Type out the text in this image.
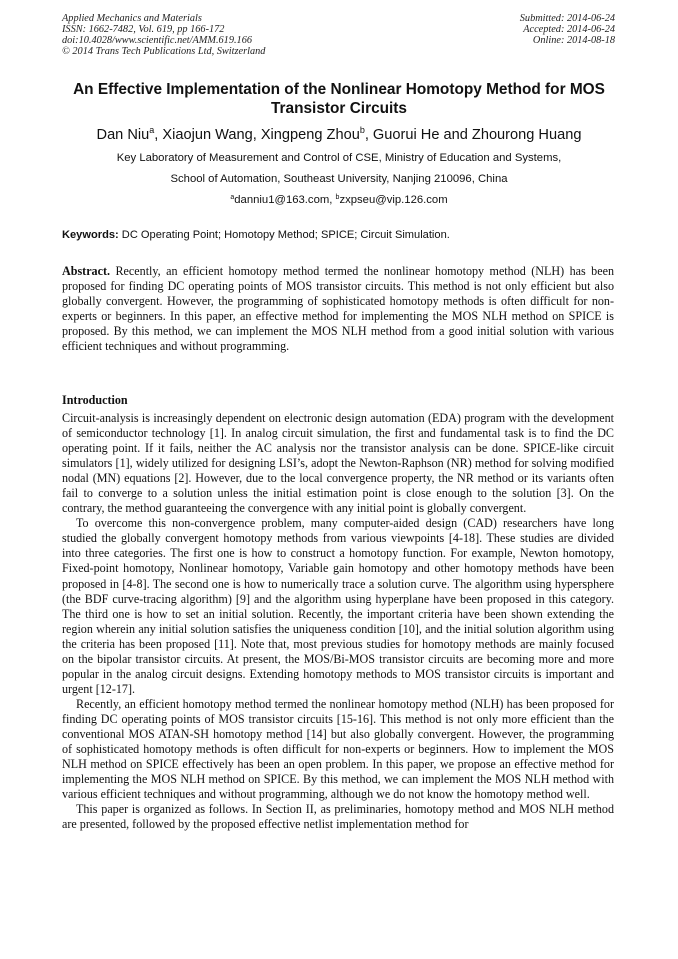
Applied Mechanics and Materials
ISSN: 1662-7482, Vol. 619, pp 166-172
doi:10.4028/www.scientific.net/AMM.619.166
© 2014 Trans Tech Publications Ltd, Switzerland
Submitted: 2014-06-24
Accepted: 2014-06-24
Online: 2014-08-18
An Effective Implementation of the Nonlinear Homotopy Method for MOS Transistor Circuits
Dan Niu$^a$, Xiaojun Wang, Xingpeng Zhou$^b$, Guorui He and Zhourong Huang
Key Laboratory of Measurement and Control of CSE, Ministry of Education and Systems,
School of Automation, Southeast University, Nanjing 210096, China
$^a$danniu1@163.com, $^b$zxpseu@vip.126.com
Keywords: DC Operating Point; Homotopy Method; SPICE; Circuit Simulation.
Abstract. Recently, an efficient homotopy method termed the nonlinear homotopy method (NLH) has been proposed for finding DC operating points of MOS transistor circuits. This method is not only efficient but also globally convergent. However, the programming of sophisticated homotopy methods is often difficult for non-experts or beginners. In this paper, an effective method for implementing the MOS NLH method on SPICE is proposed. By this method, we can implement the MOS NLH method from a good initial solution with various efficient techniques and without programming.
Introduction

Circuit-analysis is increasingly dependent on electronic design automation (EDA) program with the development of semiconductor technology [1]. In analog circuit simulation, the first and fundamental task is to find the DC operating point. If it fails, neither the AC analysis nor the transistor analysis can be done. SPICE-like circuit simulators [1], widely utilized for designing LSI’s, adopt the Newton-Raphson (NR) method for solving modified nodal (MN) equations [2]. However, due to the local convergence property, the NR method or its variants often fail to converge to a solution unless the initial estimation point is close enough to the solution [3]. On the contrary, the method guaranteeing the convergence with any initial point is globally convergent.

To overcome this non-convergence problem, many computer-aided design (CAD) researchers have long studied the globally convergent homotopy methods from various viewpoints [4-18]. These studies are divided into three categories. The first one is how to construct a homotopy function. For example, Newton homotopy, Fixed-point homotopy, Nonlinear homotopy, Variable gain homotopy and other homotopy methods have been proposed in [4-8]. The second one is how to numerically trace a solution curve. The algorithm using hypersphere (the BDF curve-tracing algorithm) [9] and the algorithm using hyperplane have been proposed in this category. The third one is how to set an initial solution. Recently, the important criteria have been shown extending the region wherein any initial solution satisfies the uniqueness condition [10], and the initial solution algorithm using the criteria has been proposed [11]. Note that, most previous studies for homotopy methods are mainly focused on the bipolar transistor circuits. At present, the MOS/Bi-MOS transistor circuits are becoming more and more popular in the analog circuit designs. Extending homotopy methods to MOS transistor circuits is important and urgent [12-17].

Recently, an efficient homotopy method termed the nonlinear homotopy method (NLH) has been proposed for finding DC operating points of MOS transistor circuits [15-16]. This method is not only more efficient than the conventional MOS ATAN-SH homotopy method [14] but also globally convergent. However, the programming of sophisticated homotopy methods is often difficult for non-experts or beginners. How to implement the MOS NLH method on SPICE effectively has been an open problem. In this paper, we propose an effective method for implementing the MOS NLH method on SPICE. By this method, we can implement the MOS NLH method with various efficient techniques and without programming, although we do not know the homotopy method well.

This paper is organized as follows. In Section II, as preliminaries, homotopy method and MOS NLH method are presented, followed by the proposed effective netlist implementation method for
